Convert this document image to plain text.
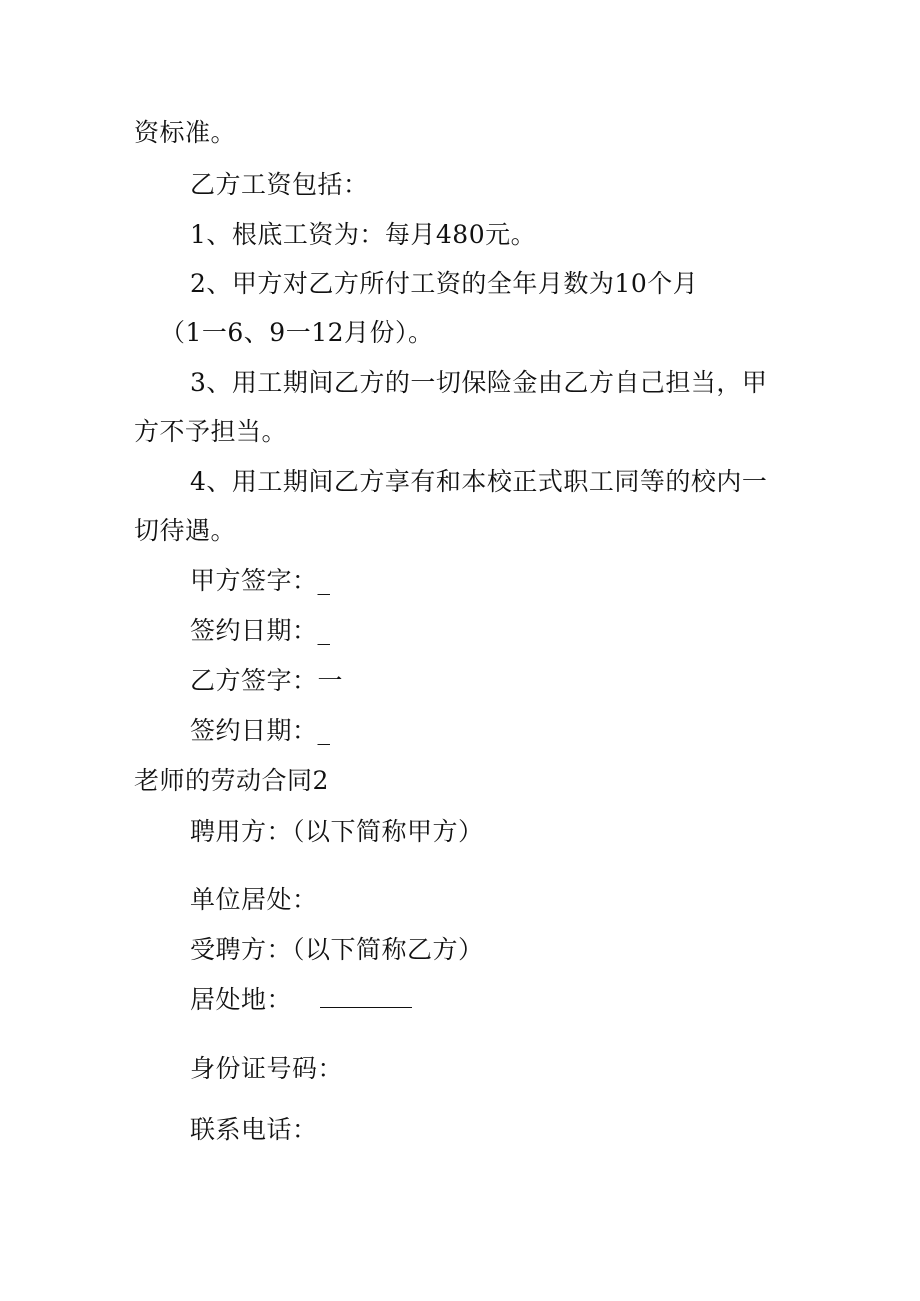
资标准。
乙方工资包括：
1、根底工资为：每月480元。
2、甲方对乙方所付工资的全年月数为10个月
（1一6、9一12月份）。
3、用工期间乙方的一切保险金由乙方自己担当，甲
方不予担当。
4、用工期间乙方享有和本校正式职工同等的校内一
切待遇。
甲方签字：_
签约日期：_
乙方签字：一
签约日期：_
老师的劳动合同2
聘用方：（以下简称甲方）
单位居处：
受聘方：（以下简称乙方）
居处地：
身份证号码：
联系电话：
